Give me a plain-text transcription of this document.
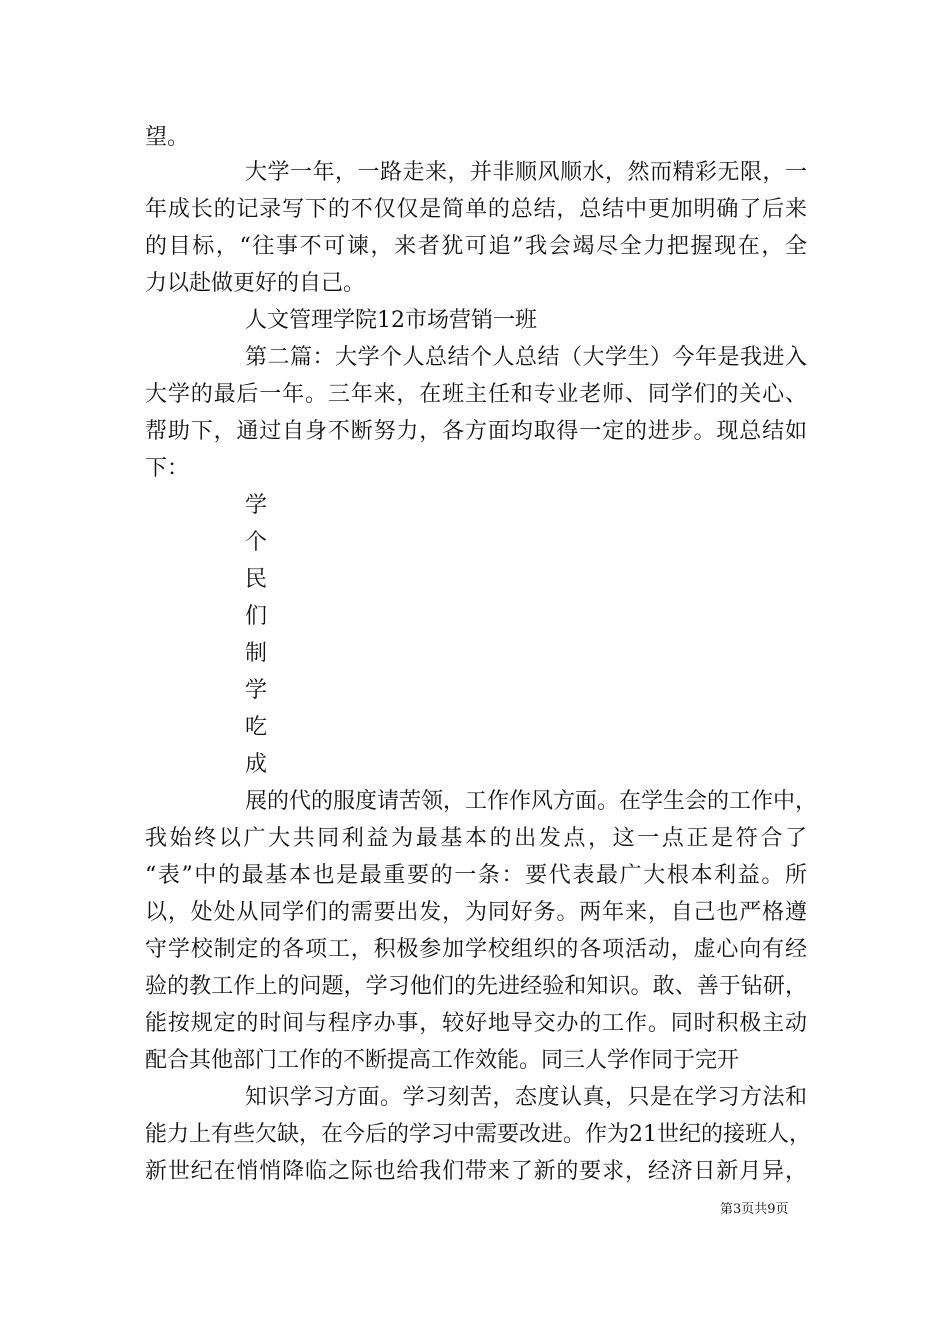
望。
大学一年，一路走来，并非顺风顺水，然而精彩无限，一
年成长的记录写下的不仅仅是简单的总结，总结中更加明确了后来
的目标，“往事不可谏，来者犹可追”我会竭尽全力把握现在，全
力以赴做更好的自己。
人文管理学院12市场营销一班
第二篇：大学个人总结个人总结（大学生）今年是我进入
大学的最后一年。三年来，在班主任和专业老师、同学们的关心、
帮助下，通过自身不断努力，各方面均取得一定的进步。现总结如
下：
学
个
民
们
制
学
吃
成
展的代的服度请苦领，工作作风方面。在学生会的工作中，
我始终以广大共同利益为最基本的出发点，这一点正是符合了
“表”中的最基本也是最重要的一条：要代表最广大根本利益。所
以，处处从同学们的需要出发，为同好务。两年来，自己也严格遵
守学校制定的各项工，积极参加学校组织的各项活动，虚心向有经
验的教工作上的问题，学习他们的先进经验和知识。敢、善于钻研，
能按规定的时间与程序办事，较好地导交办的工作。同时积极主动
配合其他部门工作的不断提高工作效能。同三人学作同于完开
知识学习方面。学习刻苦，态度认真，只是在学习方法和
能力上有些欠缺，在今后的学习中需要改进。作为21世纪的接班人，
新世纪在悄悄降临之际也给我们带来了新的要求，经济日新月异，
第3页共9页
